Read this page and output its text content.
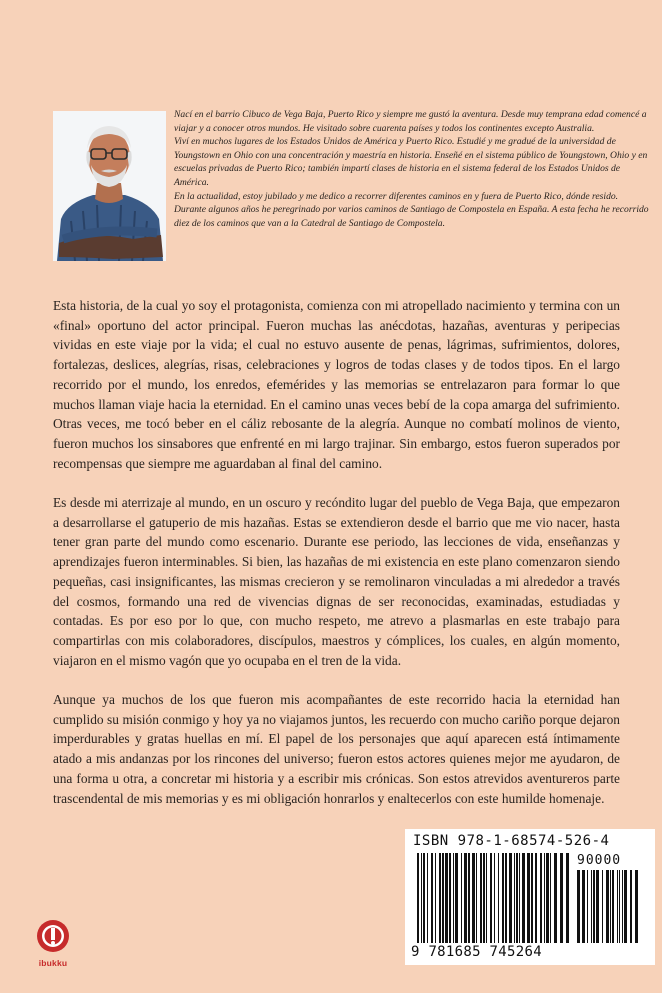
Nací en el barrio Cibuco de Vega Baja, Puerto Rico y siempre me gustó la aventura. Desde muy temprana edad comencé a viajar y a conocer otros mundos. He visitado sobre cuarenta países y todos los continentes excepto Australia.

Viví en muchos lugares de los Estados Unidos de América y Puerto Rico. Estudié y me gradué de la universidad de Youngstown en Ohio con una concentración y maestría en historia. Enseñé en el sistema público de Youngstown, Ohio y en escuelas privadas de Puerto Rico; también impartí clases de historia en el sistema federal de los Estados Unidos de América.

En la actualidad, estoy jubilado y me dedico a recorrer diferentes caminos en y fuera de Puerto Rico, dónde resido. Durante algunos años he peregrinado por varios caminos de Santiago de Compostela en España. A esta fecha he recorrido diez de los caminos que van a la Catedral de Santiago de Compostela.

Esta historia, de la cual yo soy el protagonista, comienza con mi atropellado nacimiento y termina con un «final» oportuno del actor principal. Fueron muchas las anécdotas, hazañas, aventuras y peripecias vividas en este viaje por la vida; el cual no estuvo ausente de penas, lágrimas, sufrimientos, dolores, fortalezas, deslices, alegrías, risas, celebraciones y logros de todas clases y de todos tipos. En el largo recorrido por el mundo, los enredos, efemérides y las memorias se entrelazaron para formar lo que muchos llaman viaje hacia la eternidad. En el camino unas veces bebí de la copa amarga del sufrimiento. Otras veces, me tocó beber en el cáliz rebosante de la alegría. Aunque no combatí molinos de viento, fueron muchos los sinsabores que enfrenté en mi largo trajinar. Sin embargo, estos fueron superados por recompensas que siempre me aguardaban al final del camino.

Es desde mi aterrizaje al mundo, en un oscuro y recóndito lugar del pueblo de Vega Baja, que empezaron a desarrollarse el gatuperio de mis hazañas. Estas se extendieron desde el barrio que me vio nacer, hasta tener gran parte del mundo como escenario. Durante ese periodo, las lecciones de vida, enseñanzas y aprendizajes fueron interminables. Si bien, las hazañas de mi existencia en este plano comenzaron siendo pequeñas, casi insignificantes, las mismas crecieron y se remolinaron vinculadas a mi alrededor a través del cosmos, formando una red de vivencias dignas de ser reconocidas, examinadas, estudiadas y contadas. Es por eso por lo que, con mucho respeto, me atrevo a plasmarlas en este trabajo para compartirlas con mis colaboradores, discípulos, maestros y cómplices, los cuales, en algún momento, viajaron en el mismo vagón que yo ocupaba en el tren de la vida.

Aunque ya muchos de los que fueron mis acompañantes de este recorrido hacia la eternidad han cumplido su misión conmigo y hoy ya no viajamos juntos, les recuerdo con mucho cariño porque dejaron imperdurables y gratas huellas en mí. El papel de los personajes que aquí aparecen está íntimamente atado a mis andanzas por los rincones del universo; fueron estos actores quienes mejor me ayudaron, de una forma u otra, a concretar mi historia y a escribir mis crónicas. Son estos atrevidos aventureros parte trascendental de mis memorias y es mi obligación honrarlos y enaltecerlos con este humilde homenaje.

ISBN 978-1-68574-526-4
90000
9 781685 745264
ibukku
